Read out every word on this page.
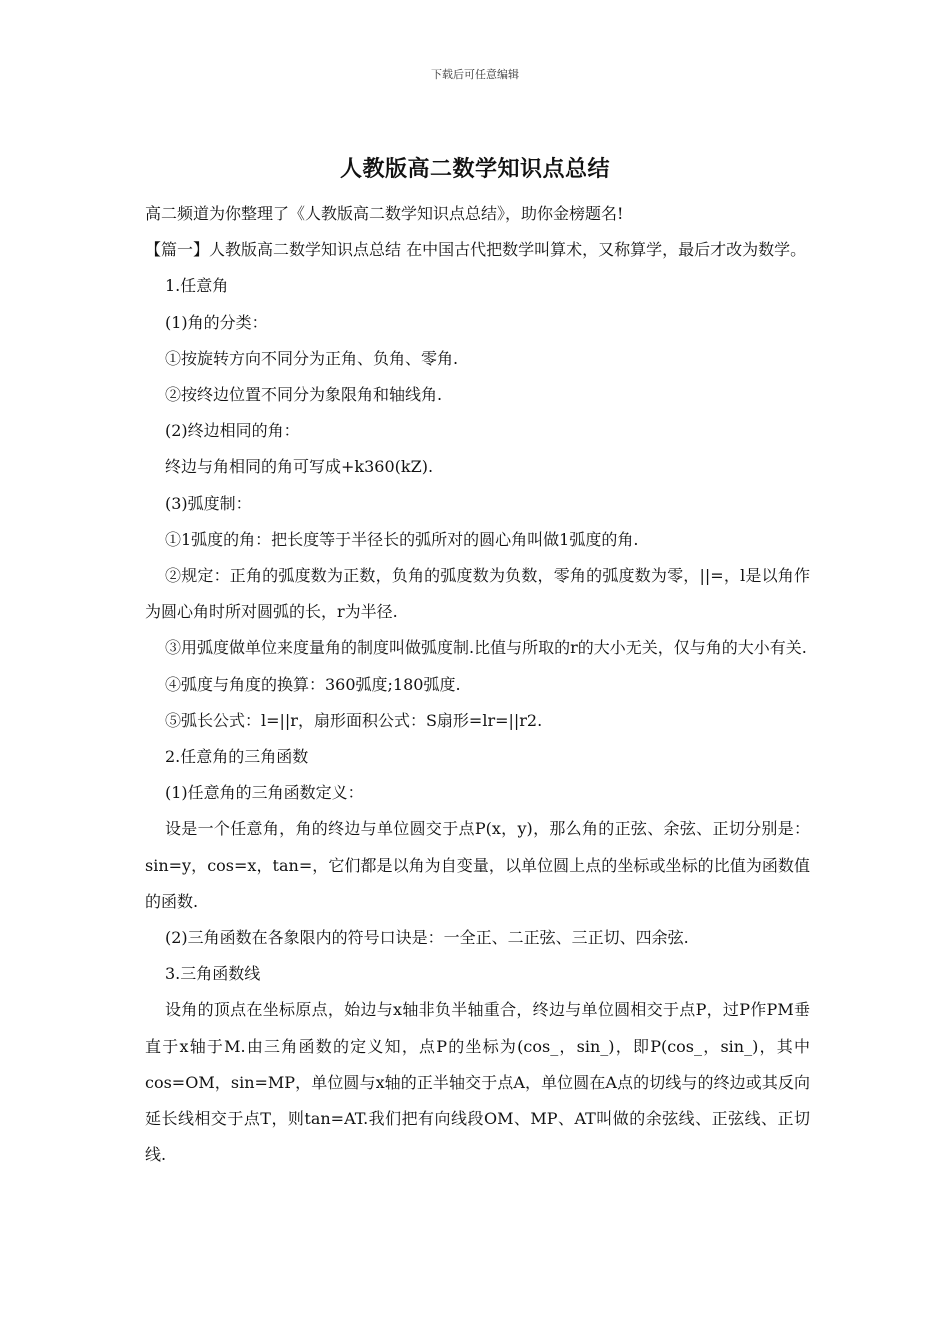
下载后可任意编辑
人教版高二数学知识点总结

高二频道为你整理了《人教版高二数学知识点总结》，助你金榜题名!

【篇一】人教版高二数学知识点总结 在中国古代把数学叫算术，又称算学，最后才改为数学。

1.任意角

(1)角的分类：

①按旋转方向不同分为正角、负角、零角.

②按终边位置不同分为象限角和轴线角.

(2)终边相同的角：

终边与角相同的角可写成+k360(kZ).

(3)弧度制：

①1弧度的角：把长度等于半径长的弧所对的圆心角叫做1弧度的角.

②规定：正角的弧度数为正数，负角的弧度数为负数，零角的弧度数为零，||=，l是以角作为圆心角时所对圆弧的长，r为半径.

③用弧度做单位来度量角的制度叫做弧度制.比值与所取的r的大小无关，仅与角的大小有关.

④弧度与角度的换算：360弧度;180弧度.

⑤弧长公式：l=||r，扇形面积公式：S扇形=lr=||r2.

2.任意角的三角函数

(1)任意角的三角函数定义：

设是一个任意角，角的终边与单位圆交于点P(x，y)，那么角的正弦、余弦、正切分别是：sin=y，cos=x，tan=，它们都是以角为自变量，以单位圆上点的坐标或坐标的比值为函数值的函数.

(2)三角函数在各象限内的符号口诀是：一全正、二正弦、三正切、四余弦.

3.三角函数线

设角的顶点在坐标原点，始边与x轴非负半轴重合，终边与单位圆相交于点P，过P作PM垂直于x轴于M.由三角函数的定义知，点P的坐标为(cos_，sin_)，即P(cos_，sin_)，其中cos=OM，sin=MP，单位圆与x轴的正半轴交于点A，单位圆在A点的切线与的终边或其反向延长线相交于点T，则tan=AT.我们把有向线段OM、MP、AT叫做的余弦线、正弦线、正切线.
